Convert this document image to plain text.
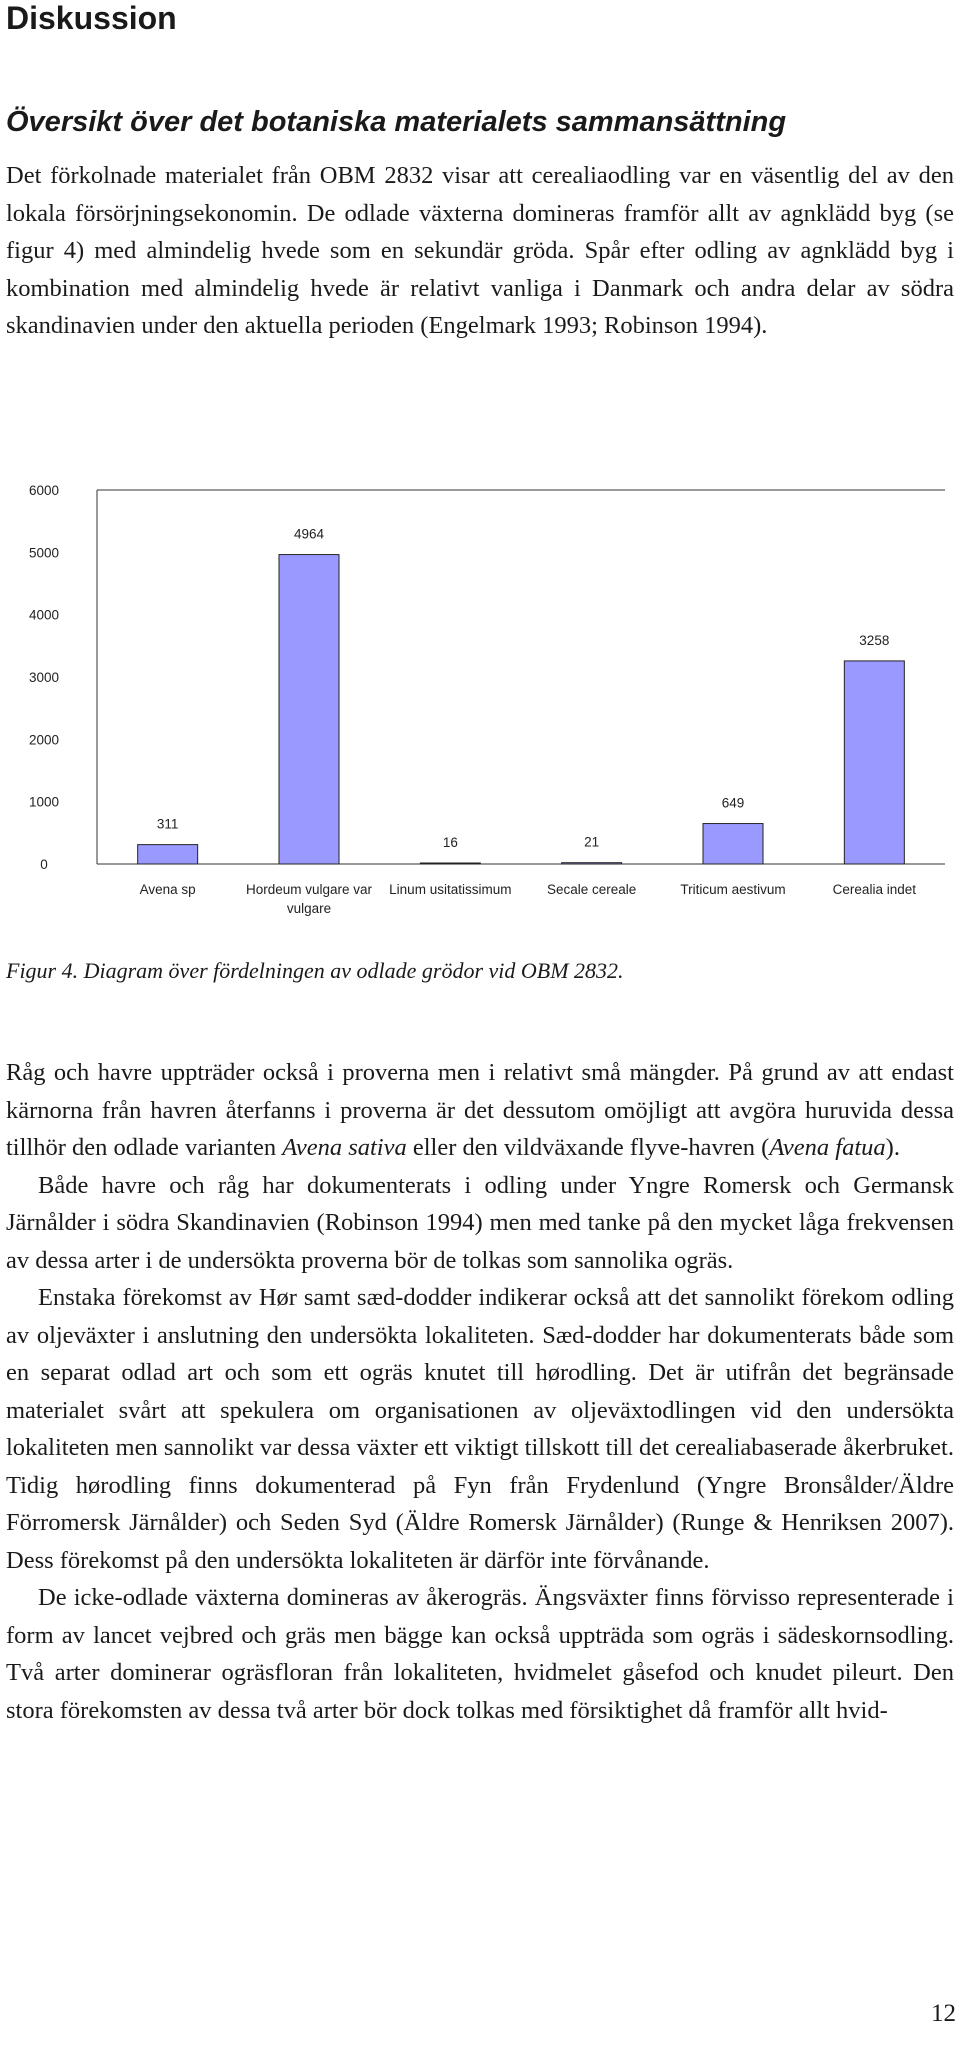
Diskussion
Översikt över det botaniska materialets sammansättning

Det förkolnade materialet från OBM 2832 visar att cerealiaodling var en väsentlig del av den lokala försörjningsekonomin. De odlade växterna domineras framför allt av agnklädd byg (se figur 4) med almindelig hvede som en sekundär gröda. Spår efter odling av agnklädd byg i kombination med almindelig hvede är relativt vanliga i Danmark och andra delar av södra skandinavien under den aktuella perioden (Engelmark 1993; Robinson 1994).

0
1000
2000
3000
4000
5000
6000
311
Avena sp
4964
Hordeum vulgare var
vulgare
16
Linum usitatissimum
21
Secale cereale
649
Triticum aestivum
3258
Cerealia indet

Figur 4. Diagram över fördelningen av odlade grödor vid OBM 2832.

Råg och havre uppträder också i proverna men i relativt små mängder. På grund av att endast kärnorna från havren återfanns i proverna är det dessutom omöjligt att avgöra huruvida dessa tillhör den odlade varianten Avena sativa eller den vildväxande flyve-havren (Avena fatua).

Både havre och råg har dokumenterats i odling under Yngre Romersk och Germansk Järnålder i södra Skandinavien (Robinson 1994) men med tanke på den mycket låga frekvensen av dessa arter i de undersökta proverna bör de tolkas som sannolika ogräs.

Enstaka förekomst av Hør samt sæd-dodder indikerar också att det sannolikt förekom odling av oljeväxter i anslutning den undersökta lokaliteten. Sæd-dodder har dokumenterats både som en separat odlad art och som ett ogräs knutet till hørodling. Det är utifrån det begränsade materialet svårt att spekulera om organisationen av oljeväxtodlingen vid den undersökta lokaliteten men sannolikt var dessa växter ett viktigt tillskott till det cerealiabaserade åkerbruket. Tidig hørodling finns dokumenterad på Fyn från Frydenlund (Yngre Bronsålder/Äldre Förromersk Järnålder) och Seden Syd (Äldre Romersk Järnålder) (Runge & Henriksen 2007). Dess förekomst på den undersökta lokaliteten är därför inte förvånande.

De icke-odlade växterna domineras av åkerogräs. Ängsväxter finns förvisso representerade i form av lancet vejbred och gräs men bägge kan också uppträda som ogräs i sädeskornsodling. Två arter dominerar ogräsfloran från lokaliteten, hvidmelet gåsefod och knudet pileurt. Den stora förekomsten av dessa två arter bör dock tolkas med försiktighet då framför allt hvid-

12
